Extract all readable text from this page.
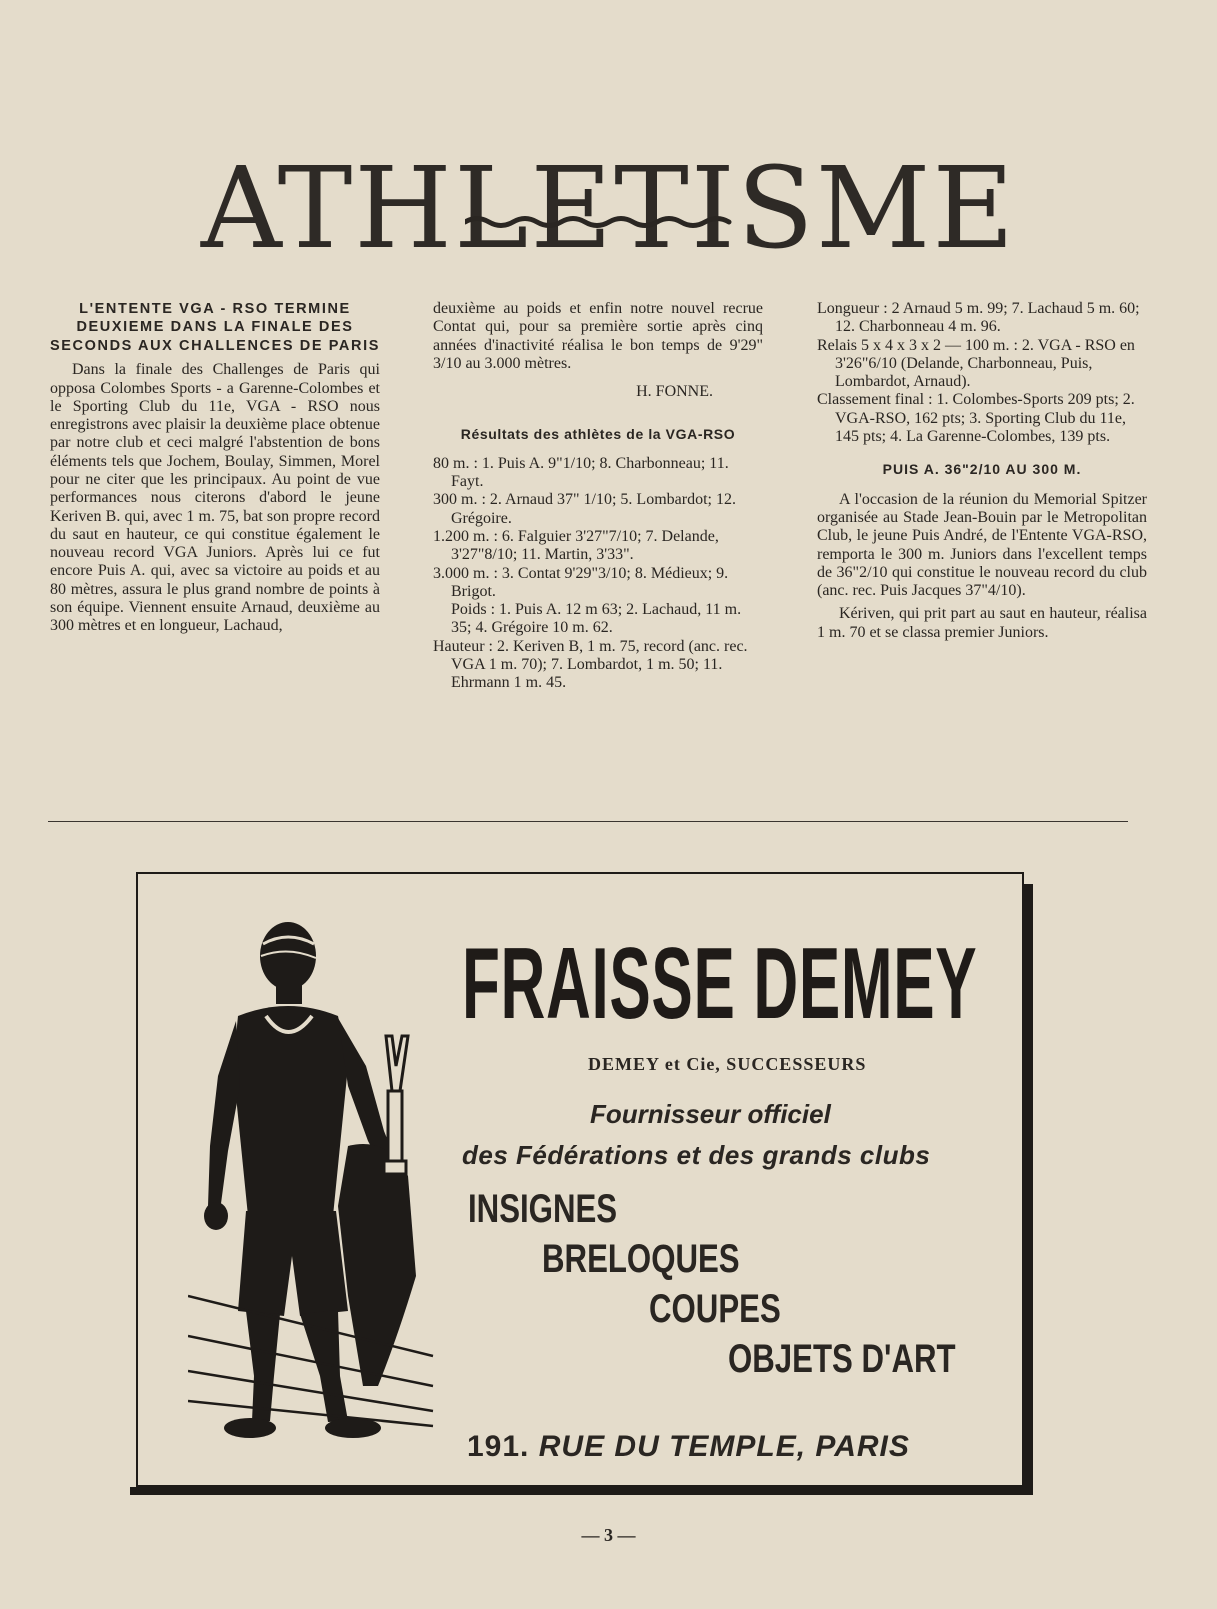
ATHLETISME
L'ENTENTE VGA - RSO TERMINE DEUXIEME DANS LA FINALE DES SECONDS AUX CHALLENCES DE PARIS

Dans la finale des Challenges de Paris qui opposa Colombes Sports - a Garenne-Colombes et le Sporting Club du 11e, VGA - RSO nous enregistrons avec plaisir la deuxième place obtenue par notre club et ceci malgré l'abstention de bons éléments tels que Jochem, Boulay, Simmen, Morel pour ne citer que les principaux. Au point de vue performances nous citerons d'abord le jeune Keriven B. qui, avec 1 m. 75, bat son propre record du saut en hauteur, ce qui constitue également le nouveau record VGA Juniors. Après lui ce fut encore Puis A. qui, avec sa victoire au poids et au 80 mètres, assura le plus grand nombre de points à son équipe. Viennent ensuite Arnaud, deuxième au 300 mètres et en longueur, Lachaud,

deuxième au poids et enfin notre nouvel recrue Contat qui, pour sa première sortie après cinq années d'inactivité réalisa le bon temps de 9'29" 3/10 au 3.000 mètres.

H. FONNE.

Résultats des athlètes de la VGA-RSO

80 m. : 1. Puis A. 9"1/10; 8. Charbonneau; 11. Fayt.

300 m. : 2. Arnaud 37" 1/10; 5. Lombardot; 12. Grégoire.

1.200 m. : 6. Falguier 3'27"7/10; 7. Delande, 3'27"8/10; 11. Martin, 3'33".

3.000 m. : 3. Contat 9'29"3/10; 8. Médieux; 9. Brigot.

Poids : 1. Puis A. 12 m 63; 2. Lachaud, 11 m. 35; 4. Grégoire 10 m. 62.

Hauteur : 2. Keriven B, 1 m. 75, record (anc. rec. VGA 1 m. 70); 7. Lombardot, 1 m. 50; 11. Ehrmann 1 m. 45.

Longueur : 2 Arnaud 5 m. 99; 7. Lachaud 5 m. 60; 12. Charbonneau 4 m. 96.

Relais 5 x 4 x 3 x 2 — 100 m. : 2. VGA - RSO en 3'26"6/10 (Delande, Charbonneau, Puis, Lombardot, Arnaud).

Classement final : 1. Colombes-Sports 209 pts; 2. VGA-RSO, 162 pts; 3. Sporting Club du 11e, 145 pts; 4. La Garenne-Colombes, 139 pts.

PUIS A. 36"2/10 AU 300 M.

A l'occasion de la réunion du Memorial Spitzer organisée au Stade Jean-Bouin par le Metropolitan Club, le jeune Puis André, de l'Entente VGA-RSO, remporta le 300 m. Juniors dans l'excellent temps de 36"2/10 qui constitue le nouveau record du club (anc. rec. Puis Jacques 37"4/10).

Kériven, qui prit part au saut en hauteur, réalisa 1 m. 70 et se classa premier Juniors.

FRAISSE DEMEY
DEMEY et Cie, SUCCESSEURS
Fournisseur officiel
des Fédérations et des grands clubs
INSIGNES
BRELOQUES
COUPES
OBJETS D'ART
191. RUE DU TEMPLE, PARIS
— 3 —
